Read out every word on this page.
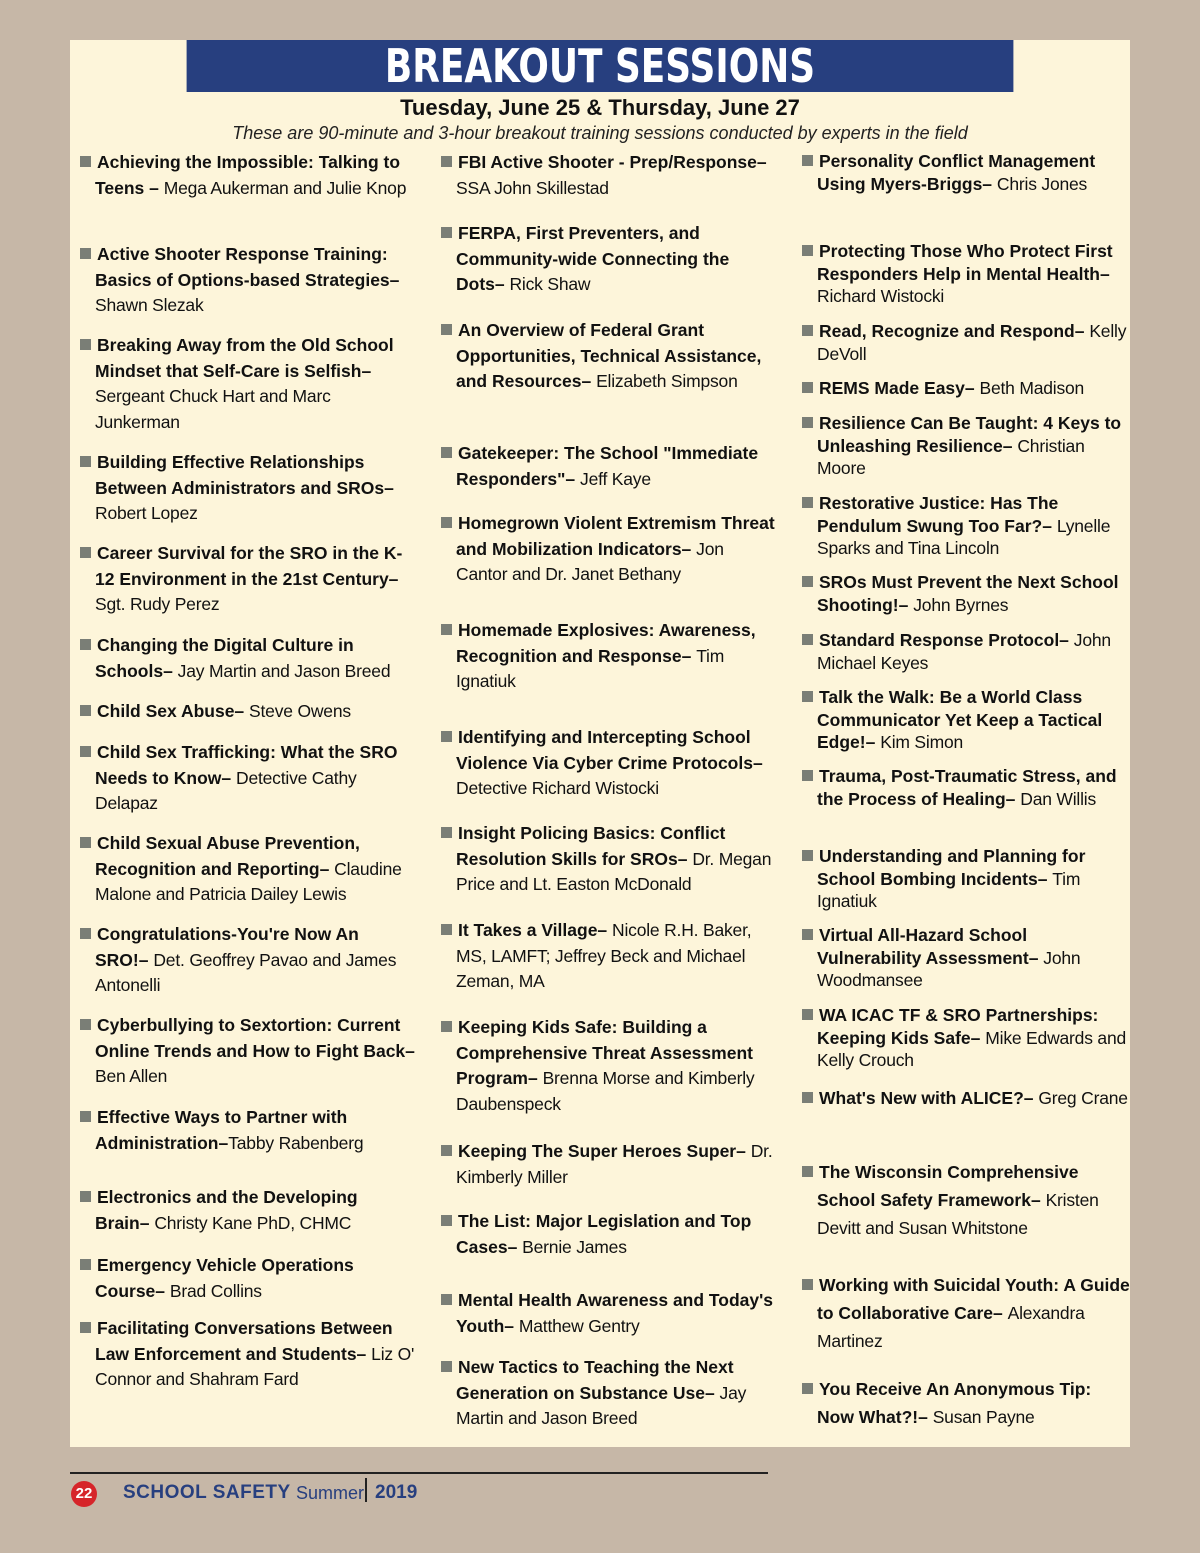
BREAKOUT SESSIONS
Tuesday, June 25 & Thursday, June 27
These are 90-minute and 3-hour breakout training sessions conducted by experts in the field
Achieving the Impossible: Talking to Teens – Mega Aukerman and Julie Knop
Active Shooter Response Training: Basics of Options-based Strategies–Shawn Slezak
Breaking Away from the Old School Mindset that Self-Care is Selfish– Sergeant Chuck Hart and Marc Junkerman
Building Effective Relationships Between Administrators and SROs– Robert Lopez
Career Survival for the SRO in the K-12 Environment in the 21st Century– Sgt. Rudy Perez
Changing the Digital Culture in Schools– Jay Martin and Jason Breed
Child Sex Abuse– Steve Owens
Child Sex Trafficking: What the SRO Needs to Know– Detective Cathy Delapaz
Child Sexual Abuse Prevention, Recognition and Reporting– Claudine Malone and Patricia Dailey Lewis
Congratulations-You're Now An SRO!– Det. Geoffrey Pavao and James Antonelli
Cyberbullying to Sextortion: Current Online Trends and How to Fight Back– Ben Allen
Effective Ways to Partner with Administration–Tabby Rabenberg
Electronics and the Developing Brain– Christy Kane PhD, CHMC
Emergency Vehicle Operations Course– Brad Collins
Facilitating Conversations Between Law Enforcement and Students– Liz O' Connor and Shahram Fard
FBI Active Shooter - Prep/Response–SSA John Skillestad
FERPA, First Preventers, and Community-wide Connecting the Dots– Rick Shaw
An Overview of Federal Grant Opportunities, Technical Assistance, and Resources– Elizabeth Simpson
Gatekeeper: The School "Immediate Responders"– Jeff Kaye
Homegrown Violent Extremism Threat and Mobilization Indicators– Jon Cantor and Dr. Janet Bethany
Homemade Explosives: Awareness, Recognition and Response– Tim Ignatiuk
Identifying and Intercepting School Violence Via Cyber Crime Protocols–Detective Richard Wistocki
Insight Policing Basics: Conflict Resolution Skills for SROs– Dr. Megan Price and Lt. Easton McDonald
It Takes a Village– Nicole R.H. Baker, MS, LAMFT; Jeffrey Beck and Michael Zeman, MA
Keeping Kids Safe: Building a Comprehensive Threat Assessment Program– Brenna Morse and Kimberly Daubenspeck
Keeping The Super Heroes Super– Dr. Kimberly Miller
The List: Major Legislation and Top Cases– Bernie James
Mental Health Awareness and Today's Youth– Matthew Gentry
New Tactics to Teaching the Next Generation on Substance Use– Jay Martin and Jason Breed
Personality Conflict Management Using Myers-Briggs– Chris Jones
Protecting Those Who Protect First Responders Help in Mental Health– Richard Wistocki
Read, Recognize and Respond– Kelly DeVoll
REMS Made Easy– Beth Madison
Resilience Can Be Taught: 4 Keys to Unleashing Resilience– Christian Moore
Restorative Justice: Has The Pendulum Swung Too Far?– Lynelle Sparks and Tina Lincoln
SROs Must Prevent the Next School Shooting!– John Byrnes
Standard Response Protocol– John Michael Keyes
Talk the Walk: Be a World Class Communicator Yet Keep a Tactical Edge!– Kim Simon
Trauma, Post-Traumatic Stress, and the Process of Healing– Dan Willis
Understanding and Planning for School Bombing Incidents– Tim Ignatiuk
Virtual All-Hazard School Vulnerability Assessment– John Woodmansee
WA ICAC TF & SRO Partnerships: Keeping Kids Safe– Mike Edwards and Kelly Crouch
What's New with ALICE?– Greg Crane
The Wisconsin Comprehensive School Safety Framework– Kristen Devitt and Susan Whitstone
Working with Suicidal Youth: A Guide to Collaborative Care– Alexandra Martinez
You Receive An Anonymous Tip: Now What?!– Susan Payne
22 SCHOOL SAFETY Summer 2019
